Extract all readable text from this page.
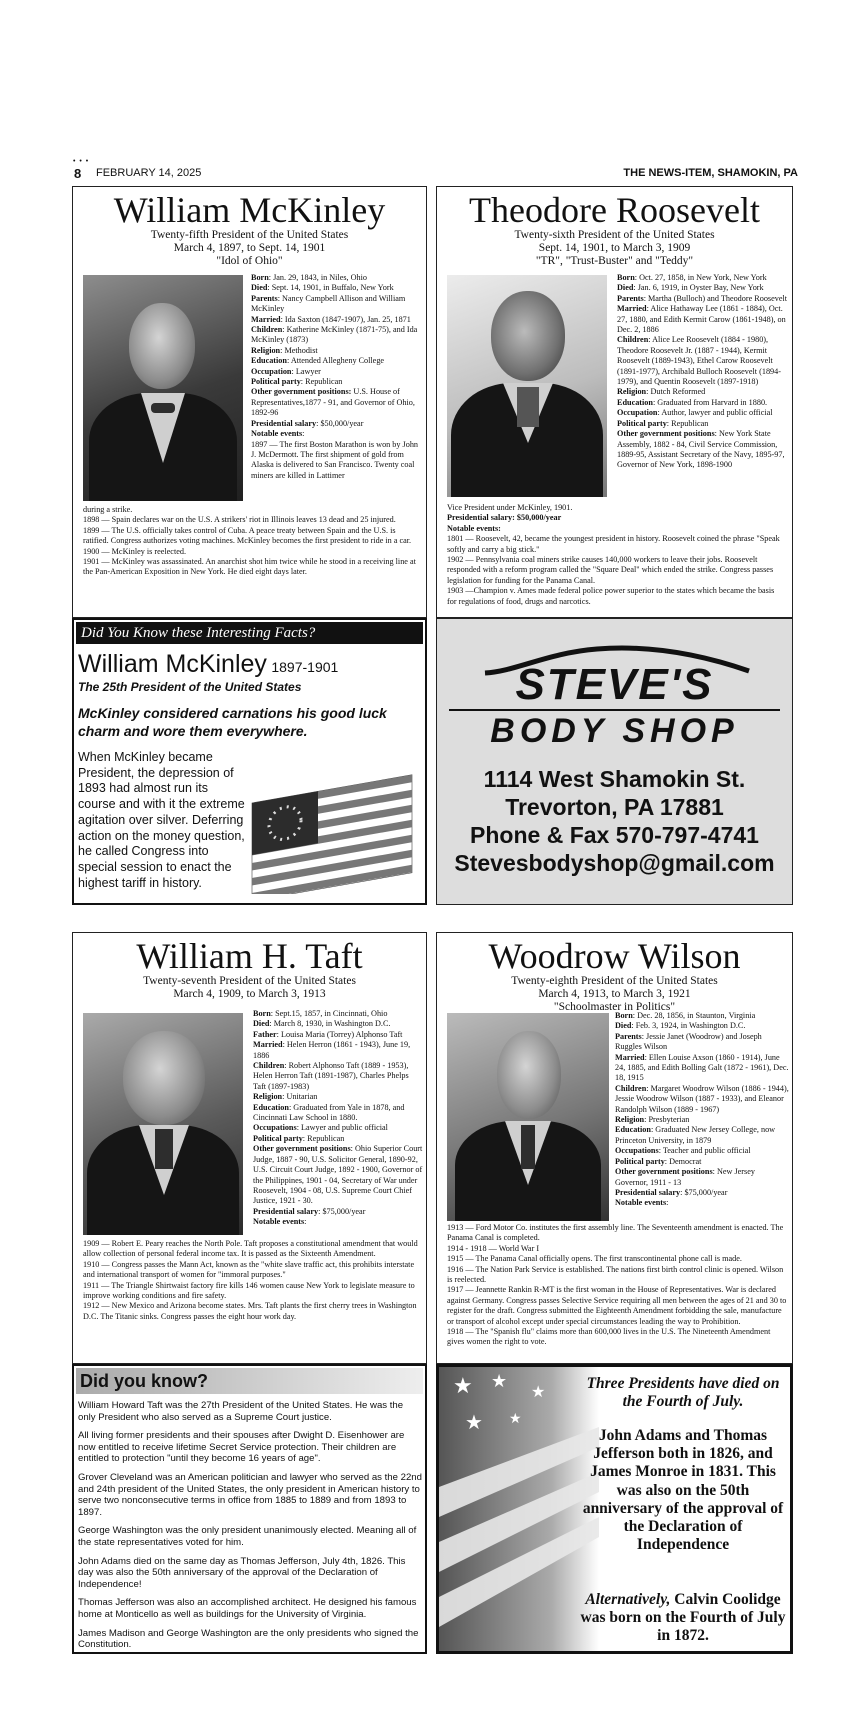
• • •
8 FEBRUARY 14, 2025	THE NEWS-ITEM, SHAMOKIN, PA
William McKinley
Twenty-fifth President of the United States
March 4, 1897, to Sept. 14, 1901
"Idol of Ohio"

Born: Jan. 29, 1843, in Niles, Ohio

Died: Sept. 14, 1901, in Buffalo, New York

Parents: Nancy Campbell Allison and William McKinley

Married: Ida Saxton (1847-1907), Jan. 25, 1871

Children: Katherine McKinley (1871-75), and Ida McKinley (1873)

Religion: Methodist

Education: Attended Allegheny College

Occupation: Lawyer

Political party: Republican

Other government positions: U.S. House of Representatives,1877 - 91, and Governor of Ohio, 1892-96

Presidential salary: $50,000/year

Notable events:

1897 — The first Boston Marathon is won by John J. McDermott. The first shipment of gold from Alaska is delivered to San Francisco. Twenty coal miners are killed in Lattimer

during a strike.

1898 — Spain declares war on the U.S. A strikers' riot in Illinois leaves 13 dead and 25 injured.

1899 — The U.S. officially takes control of Cuba. A peace treaty between Spain and the U.S. is ratified. Congress authorizes voting machines. McKinley becomes the first president to ride in a car.

1900 — McKinley is reelected.

1901 — McKinley was assassinated. An anarchist shot him twice while he stood in a receiving line at the Pan-American Exposition in New York. He died eight days later.

Theodore Roosevelt
Twenty-sixth President of the United States
Sept. 14, 1901, to March 3, 1909
"TR", "Trust-Buster" and "Teddy"

Born: Oct. 27, 1858, in New York, New York

Died: Jan. 6, 1919, in Oyster Bay, New York

Parents: Martha (Bulloch) and Theodore Roosevelt

Married: Alice Hathaway Lee (1861 - 1884), Oct. 27, 1880, and Edith Kermit Carow (1861-1948), on Dec. 2, 1886

Children: Alice Lee Roosevelt (1884 - 1980), Theodore Roosevelt Jr. (1887 - 1944), Kermit Roosevelt (1889-1943), Ethel Carow Roosevelt (1891-1977), Archibald Bulloch Roosevelt (1894-1979), and Quentin Roosevelt (1897-1918)

Religion: Dutch Reformed

Education: Graduated from Harvard in 1880.

Occupation: Author, lawyer and public official

Political party: Republican

Other government positions: New York State Assembly, 1882 - 84, Civil Service Commission, 1889-95, Assistant Secretary of the Navy, 1895-97, Governor of New York, 1898-1900

Vice President under McKinley, 1901.

Presidential salary: $50,000/year

Notable events:

1801 — Roosevelt, 42, became the youngest president in history. Roosevelt coined the phrase "Speak softly and carry a big stick."

1902 — Pennsylvania coal miners strike causes 140,000 workers to leave their jobs. Roosevelt responded with a reform program called the "Square Deal" which ended the strike. Congress passes legislation for funding for the Panama Canal.

1903 —Champion v. Ames made federal police power superior to the states which became the basis for regulations of food, drugs and narcotics.

Did You Know these Interesting Facts?
William McKinley 1897-1901
The 25th President of the United States
McKinley considered carnations his good luck charm and wore them everywhere.
When McKinley became President, the depression of 1893 had almost run its course and with it the extreme agitation over silver. Deferring action on the money question, he called Congress into special session to enact the highest tariff in history.
STEVE'S
BODY SHOP
1114 West Shamokin St.
Trevorton, PA 17881
Phone & Fax 570-797-4741
Stevesbodyshop@gmail.com
William H. Taft
Twenty-seventh President of the United States
March 4, 1909, to March 3, 1913

Born: Sept.15, 1857, in Cincinnati, Ohio

Died: March 8, 1930, in Washington D.C.

Father: Louisa Maria (Torrey) Alphonso Taft

Married: Helen Herron (1861 - 1943), June 19, 1886

Children: Robert Alphonso Taft (1889 - 1953), Helen Herron Taft (1891-1987), Charles Phelps Taft (1897-1983)

Religion: Unitarian

Education: Graduated from Yale in 1878, and Cincinnati Law School in 1880.

Occupations: Lawyer and public official

Political party: Republican

Other government positions: Ohio Superior Court Judge, 1887 - 90, U.S. Solicitor General, 1890-92, U.S. Circuit Court Judge, 1892 - 1900, Governor of the Philippines, 1901 - 04, Secretary of War under Roosevelt, 1904 - 08, U.S. Supreme Court Chief Justice, 1921 - 30.

Presidential salary: $75,000/year

Notable events:

1909 — Robert E. Peary reaches the North Pole. Taft proposes a constitutional amendment that would allow collection of personal federal income tax. It is passed as the Sixteenth Amendment.

1910 — Congress passes the Mann Act, known as the "white slave traffic act, this prohibits interstate and international transport of women for "immoral purposes."

1911 — The Triangle Shirtwaist factory fire kills 146 women cause New York to legislate measure to improve working conditions and fire safety.

1912 — New Mexico and Arizona become states. Mrs. Taft plants the first cherry trees in Washington D.C. The Titanic sinks. Congress passes the eight hour work day.

Woodrow Wilson
Twenty-eighth President of the United States
March 4, 1913, to March 3, 1921
"Schoolmaster in Politics"

Born: Dec. 28, 1856, in Staunton, Virginia

Died: Feb. 3, 1924, in Washington D.C.

Parents: Jessie Janet (Woodrow) and Joseph Ruggles Wilson

Married: Ellen Louise Axson (1860 - 1914), June 24, 1885, and Edith Bolling Galt (1872 - 1961), Dec. 18, 1915

Children: Margaret Woodrow Wilson (1886 - 1944), Jessie Woodrow Wilson (1887 - 1933), and Eleanor Randolph Wilson (1889 - 1967)

Religion: Presbyterian

Education: Graduated New Jersey College, now Princeton University, in 1879

Occupations: Teacher and public official

Political party: Democrat

Other government positions: New Jersey Governor, 1911 - 13

Presidential salary: $75,000/year

Notable events:

1913 — Ford Motor Co. institutes the first assembly line. The Seventeenth amendment is enacted. The Panama Canal is completed.

1914 - 1918 — World War I

1915 — The Panama Canal officially opens. The first transcontinental phone call is made.

1916 — The Nation Park Service is established. The nations first birth control clinic is opened. Wilson is reelected.

1917 — Jeannette Rankin R-MT is the first woman in the House of Representatives. War is declared against Germany. Congress passes Selective Service requiring all men between the ages of 21 and 30 to register for the draft. Congress submitted the Eighteenth Amendment forbidding the sale, manufacture or transport of alcohol except under special circumstances leading the way to Prohibition.

1918 — The "Spanish flu" claims more than 600,000 lives in the U.S. The Nineteenth Amendment gives women the right to vote.

Did you know?

William Howard Taft was the 27th President of the United States. He was the only President who also served as a Supreme Court justice.

All living former presidents and their spouses after Dwight D. Eisenhower are now entitled to receive lifetime Secret Service protection. Their children are entitled to protection "until they become 16 years of age".

Grover Cleveland was an American politician and lawyer who served as the 22nd and 24th president of the United States, the only president in American history to serve two nonconsecutive terms in office from 1885 to 1889 and from 1893 to 1897.

George Washington was the only president unanimously elected. Meaning all of the state representatives voted for him.

John Adams died on the same day as Thomas Jefferson, July 4th, 1826. This day was also the 50th anniversary of the approval of the Declaration of Independence!

Thomas Jefferson was also an accomplished architect. He designed his famous home at Monticello as well as buildings for the University of Virginia.

James Madison and George Washington are the only presidents who signed the Constitution.

★ ★ ★
★ ★
Three Presidents have died on the Fourth of July.
John Adams and Thomas Jefferson both in 1826, and James Monroe in 1831. This was also on the 50th anniversary of the approval of the Declaration of Independence
Alternatively, Calvin Coolidge was born on the Fourth of July in 1872.
